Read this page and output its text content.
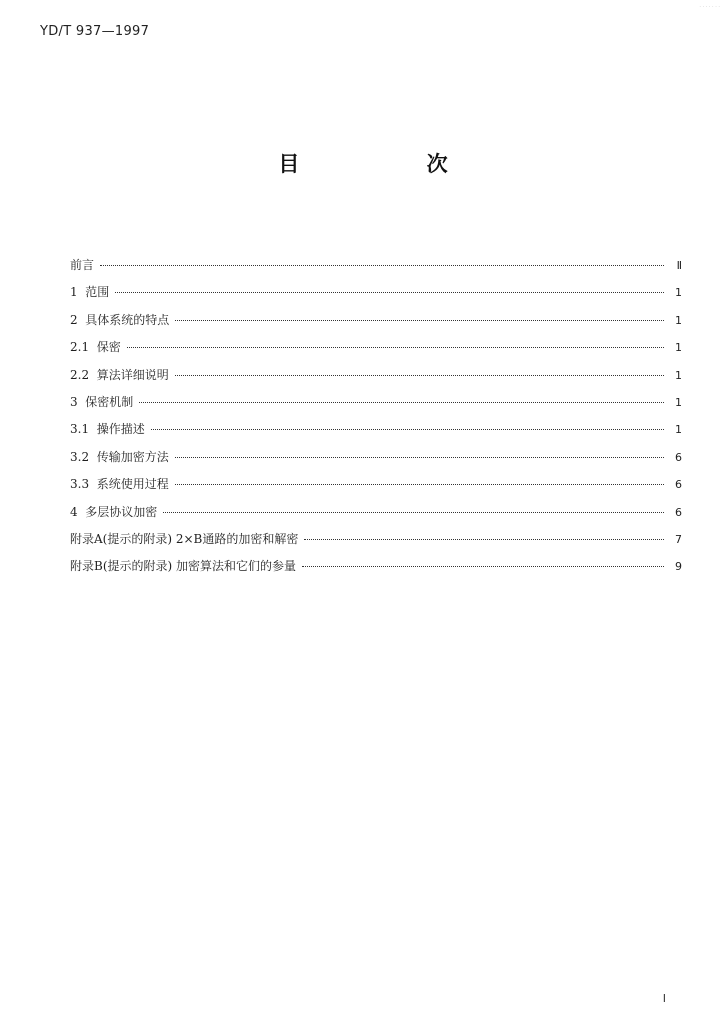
· · · · · · ·
YD/T 937—1997
目 次
前言	Ⅱ
1 范围	1
2 具体系统的特点	1
2.1 保密	1
2.2 算法详细说明	1
3 保密机制	1
3.1 操作描述	1
3.2 传输加密方法	6
3.3 系统使用过程	6
4 多层协议加密	6
附录A(提示的附录) 2×B通路的加密和解密	7
附录B(提示的附录) 加密算法和它们的参量	9
I
